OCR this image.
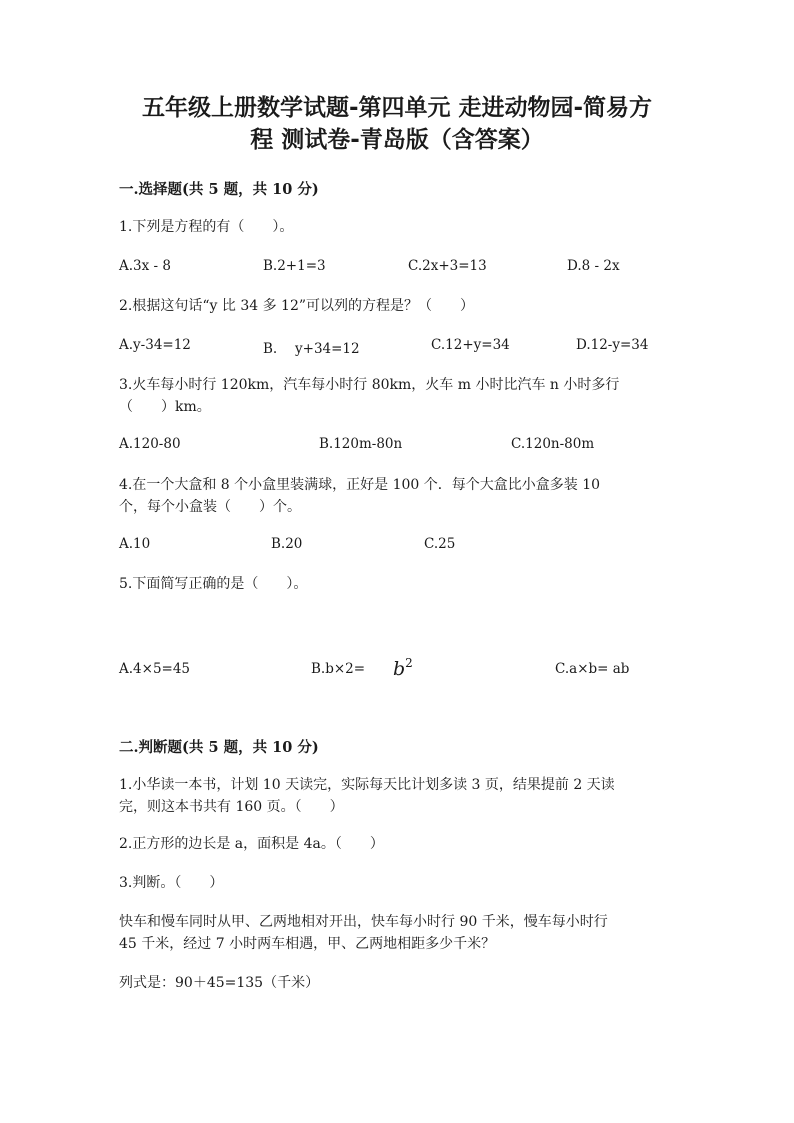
五年级上册数学试题-第四单元 走进动物园-简易方
程 测试卷-青岛版（含答案）
一.选择题(共 5 题，共 10 分)
1.下列是方程的有（　　）。
A.3x - 8	B.2+1=3	C.2x+3=13	D.8 - 2x
2.根据这句话“y 比 34 多 12”可以列的方程是？（　　）
A.y-34=12	B.　 y+34=12	C.12+y=34	D.12-y=34
3.火车每小时行 120km，汽车每小时行 80km，火车 m 小时比汽车 n 小时多行
（　　）km。
A.120-80	B.120m-80n	C.120n-80m
4.在一个大盒和 8 个小盒里装满球，正好是 100 个．每个大盒比小盒多装 10
个，每个小盒装（　　）个。
A.10	B.20	C.25
5.下面简写正确的是（　　）。
A.4×5=45	$B.b\times 2= b^2$	C.a×b= ab
二.判断题(共 5 题，共 10 分)
1.小华读一本书，计划 10 天读完，实际每天比计划多读 3 页，结果提前 2 天读
完，则这本书共有 160 页。（　　）
2.正方形的边长是 a，面积是 4a。（　　）
3.判断。（　　）
快车和慢车同时从甲、乙两地相对开出，快车每小时行 90 千米，慢车每小时行
45 千米，经过 7 小时两车相遇，甲、乙两地相距多少千米？
列式是：90＋45=135（千米）
